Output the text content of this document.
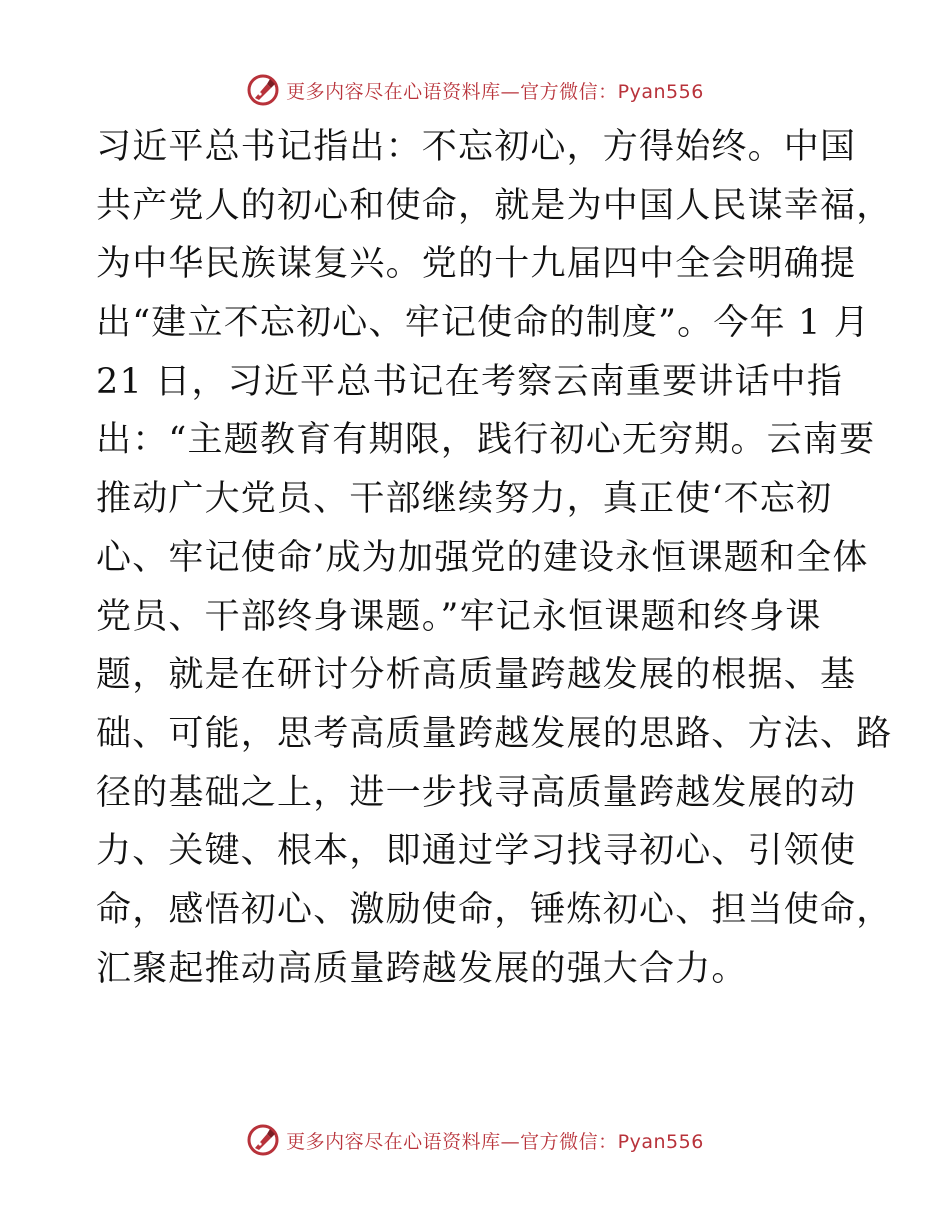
更多内容尽在心语资料库—官方微信：Pyan556
习近平总书记指出：不忘初心，方得始终。中国
共产党人的初心和使命，就是为中国人民谋幸福，
为中华民族谋复兴。党的十九届四中全会明确提
出“建立不忘初心、牢记使命的制度”。今年 1 月
21 日，习近平总书记在考察云南重要讲话中指
出：“主题教育有期限，践行初心无穷期。云南要
推动广大党员、干部继续努力，真正使‘不忘初
心、牢记使命’成为加强党的建设永恒课题和全体
党员、干部终身课题。”牢记永恒课题和终身课
题，就是在研讨分析高质量跨越发展的根据、基
础、可能，思考高质量跨越发展的思路、方法、路
径的基础之上，进一步找寻高质量跨越发展的动
力、关键、根本，即通过学习找寻初心、引领使
命，感悟初心、激励使命，锤炼初心、担当使命，
汇聚起推动高质量跨越发展的强大合力。
更多内容尽在心语资料库—官方微信：Pyan556
